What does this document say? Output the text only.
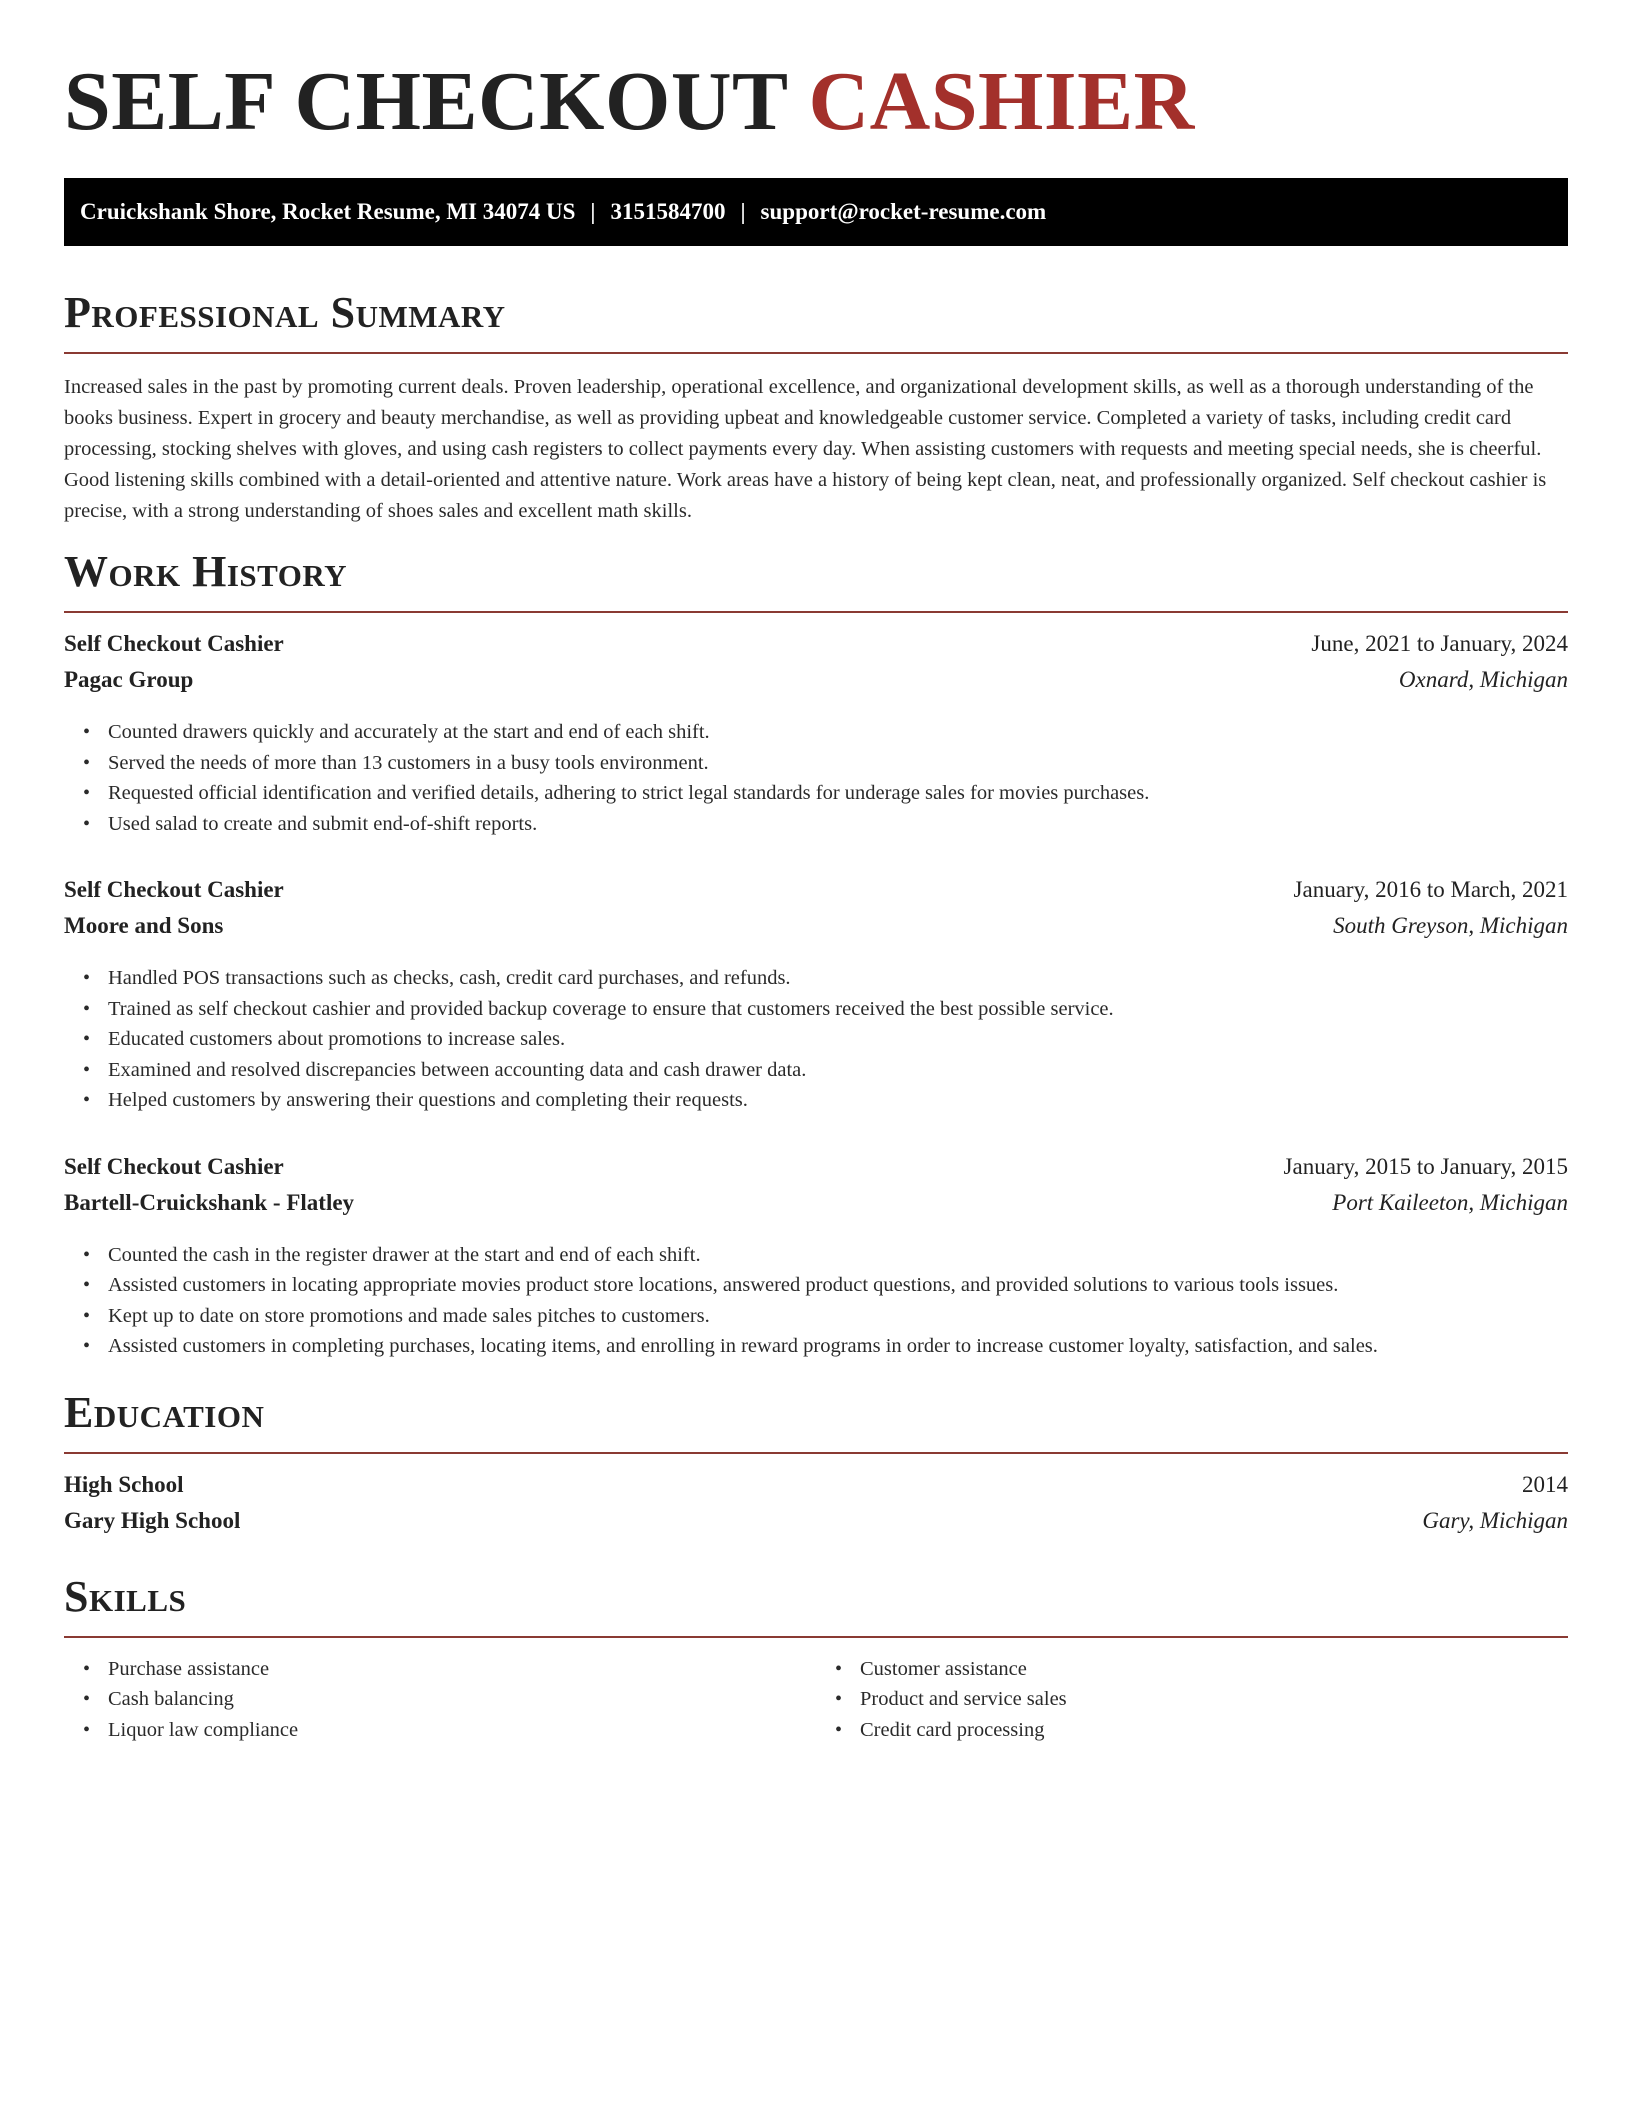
SELF CHECKOUT CASHIER
Cruickshank Shore, Rocket Resume, MI 34074 US | 3151584700 | support@rocket-resume.com
Professional Summary

Increased sales in the past by promoting current deals. Proven leadership, operational excellence, and organizational development skills, as well as a thorough understanding of the books business. Expert in grocery and beauty merchandise, as well as providing upbeat and knowledgeable customer service. Completed a variety of tasks, including credit card processing, stocking shelves with gloves, and using cash registers to collect payments every day. When assisting customers with requests and meeting special needs, she is cheerful. Good listening skills combined with a detail-oriented and attentive nature. Work areas have a history of being kept clean, neat, and professionally organized. Self checkout cashier is precise, with a strong understanding of shoes sales and excellent math skills.

Work History
Self Checkout Cashier	June, 2021 to January, 2024
Pagac Group	Oxnard, Michigan
• Counted drawers quickly and accurately at the start and end of each shift.
• Served the needs of more than 13 customers in a busy tools environment.
• Requested official identification and verified details, adhering to strict legal standards for underage sales for movies purchases.
• Used salad to create and submit end-of-shift reports.
Self Checkout Cashier	January, 2016 to March, 2021
Moore and Sons	South Greyson, Michigan
• Handled POS transactions such as checks, cash, credit card purchases, and refunds.
• Trained as self checkout cashier and provided backup coverage to ensure that customers received the best possible service.
• Educated customers about promotions to increase sales.
• Examined and resolved discrepancies between accounting data and cash drawer data.
• Helped customers by answering their questions and completing their requests.
Self Checkout Cashier	January, 2015 to January, 2015
Bartell-Cruickshank - Flatley	Port Kaileeton, Michigan
• Counted the cash in the register drawer at the start and end of each shift.
• Assisted customers in locating appropriate movies product store locations, answered product questions, and provided solutions to various tools issues.
• Kept up to date on store promotions and made sales pitches to customers.
• Assisted customers in completing purchases, locating items, and enrolling in reward programs in order to increase customer loyalty, satisfaction, and sales.
Education
High School	2014
Gary High School	Gary, Michigan
Skills
• Purchase assistance
• Cash balancing
• Liquor law compliance
• Customer assistance
• Product and service sales
• Credit card processing
